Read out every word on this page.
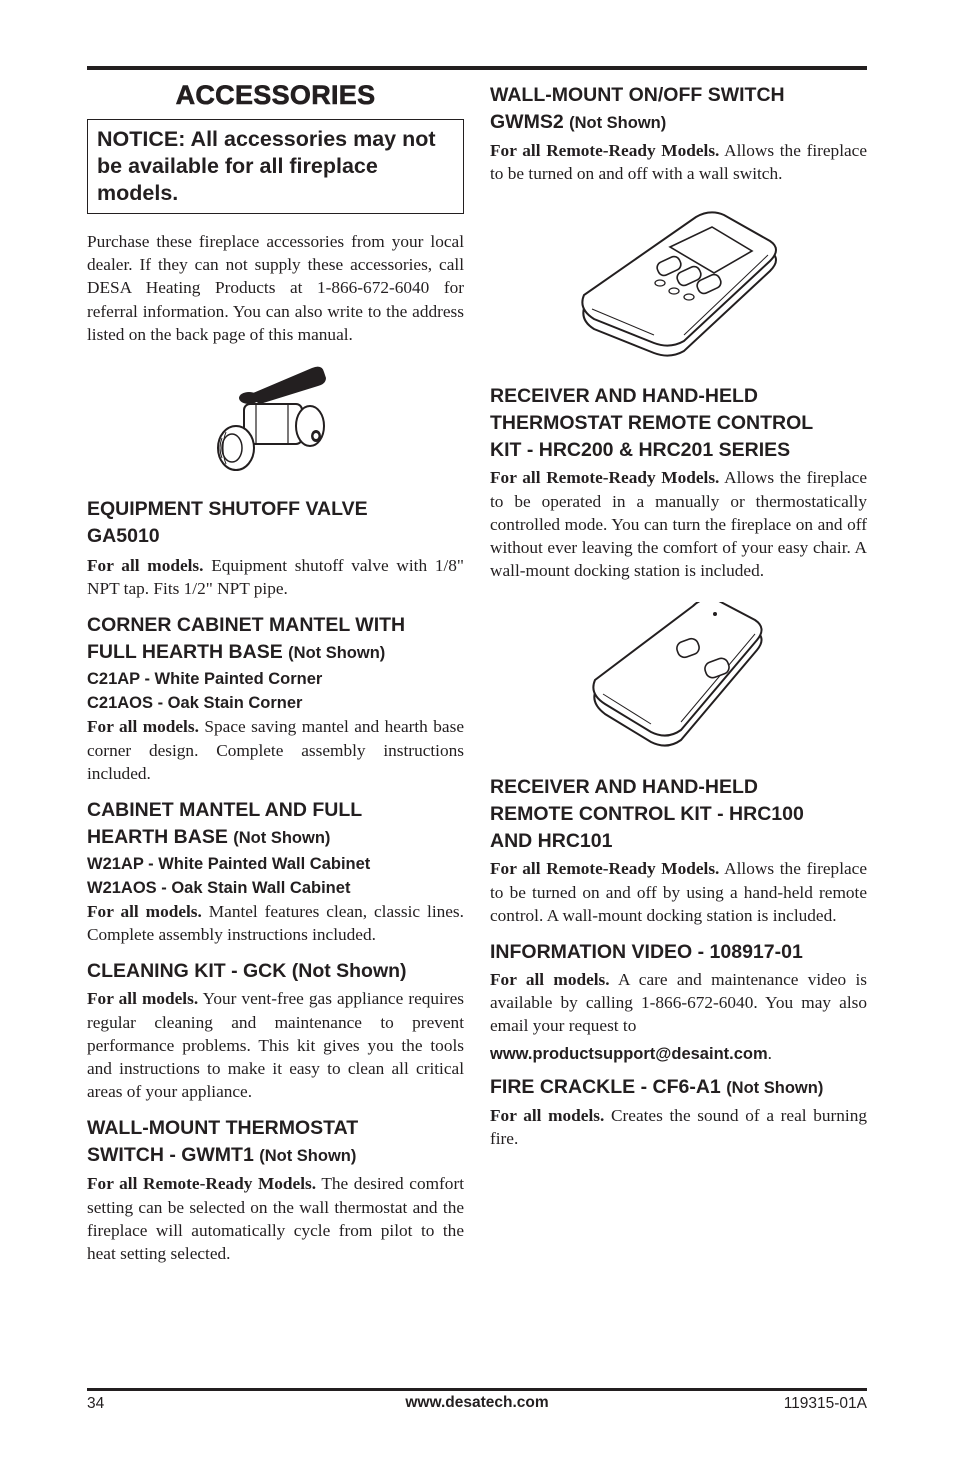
ACCESSORIES
NOTICE: All accessories may not be available for all fireplace models.

Purchase these fireplace accessories from your local dealer. If they can not supply these accessories, call DESA Heating Products at 1-866-672-6040 for referral information. You can also write to the address listed on the back page of this manual.

EQUIPMENT SHUTOFF VALVE
GA5010

For all models. Equipment shutoff valve with 1/8" NPT tap. Fits 1/2" NPT pipe.

CORNER CABINET MANTEL WITH
FULL HEARTH BASE (Not Shown)
C21AP - White Painted Corner
C21AOS - Oak Stain Corner

For all models. Space saving mantel and hearth base corner design. Complete assembly instructions included.

CABINET MANTEL AND FULL
HEARTH BASE (Not Shown)
W21AP - White Painted Wall Cabinet
W21AOS - Oak Stain Wall Cabinet

For all models. Mantel features clean, classic lines. Complete assembly instructions included.

CLEANING KIT - GCK (Not Shown)

For all models. Your vent-free gas appliance requires regular cleaning and maintenance to prevent performance problems. This kit gives you the tools and instructions to make it easy to clean all critical areas of your appliance.

WALL-MOUNT THERMOSTAT
SWITCH - GWMT1 (Not Shown)

For all Remote-Ready Models. The desired comfort setting can be selected on the wall thermostat and the fireplace will automatically cycle from pilot to the heat setting selected.

WALL-MOUNT ON/OFF SWITCH
GWMS2 (Not Shown)

For all Remote-Ready Models. Allows the fireplace to be turned on and off with a wall switch.

RECEIVER AND HAND-HELD
THERMOSTAT REMOTE CONTROL
KIT - HRC200 & HRC201 SERIES

For all Remote-Ready Models. Allows the fireplace to be operated in a manually or thermostatically controlled mode. You can turn the fireplace on and off without ever leaving the comfort of your easy chair. A wall-mount docking station is included.

RECEIVER AND HAND-HELD
REMOTE CONTROL KIT - HRC100
AND HRC101

For all Remote-Ready Models. Allows the fireplace to be turned on and off by using a hand-held remote control. A wall-mount docking station is included.

INFORMATION VIDEO - 108917-01

For all models. A care and maintenance video is available by calling 1-866-672-6040. You may also email your request to

www.productsupport@desaint.com.

FIRE CRACKLE - CF6-A1 (Not Shown)

For all models. Creates the sound of a real burning fire.

34	www.desatech.com	119315-01A
